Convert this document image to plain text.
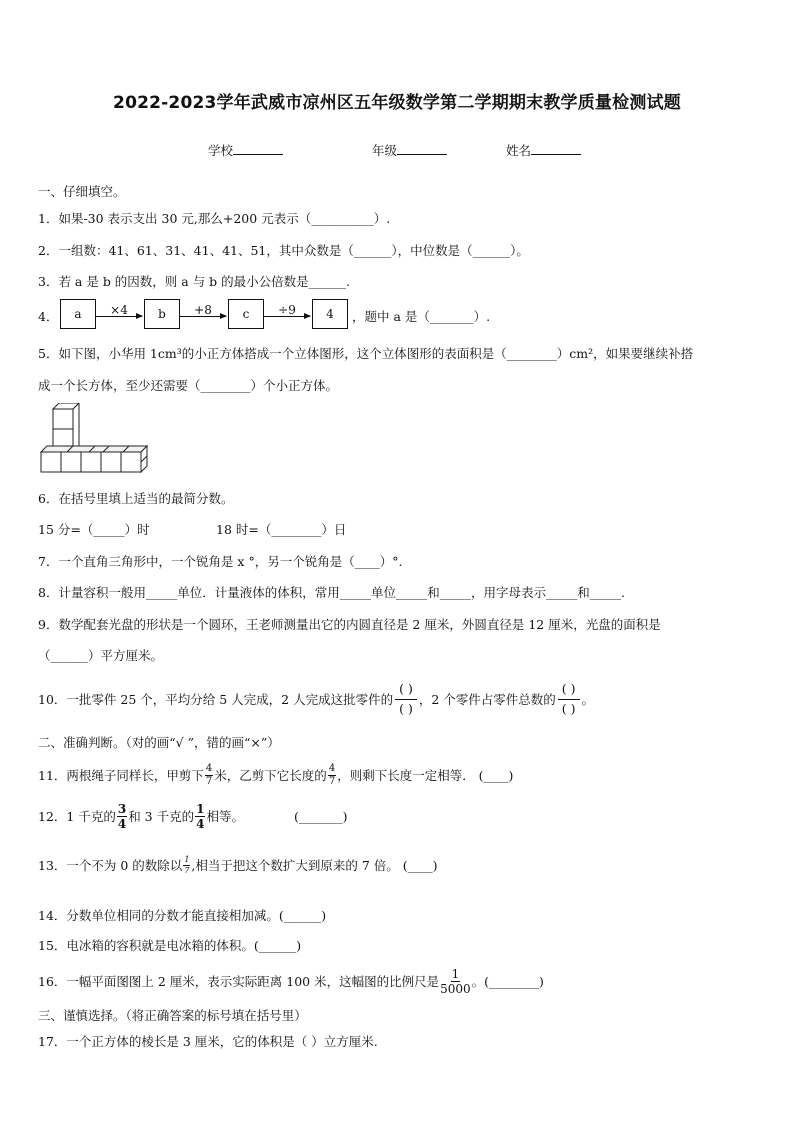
2022-2023学年武威市凉州区五年级数学第二学期期末教学质量检测试题
学校	年级	姓名
一、仔细填空。
1．如果-30 表示支出 30 元,那么+200 元表示（__________）.
2．一组数：41、61、31、41、41、51，其中众数是（______），中位数是（______）。
3．若 a 是 b 的因数，则 a 与 b 的最小公倍数是______.
4．	a	×4	b	+8	c	÷9	4	，题中 a 是（_______）.
5．如下图，小华用 1cm³的小正方体搭成一个立体图形，这个立体图形的表面积是（________）cm²，如果要继续补搭
成一个长方体，至少还需要（________）个小正方体。
6．在括号里填上适当的最简分数。
15 分=（_____）时	18 时=（________）日
7．一个直角三角形中，一个锐角是 x °，另一个锐角是（____）°.
8．计量容积一般用_____单位．计量液体的体积，常用_____单位_____和_____，用字母表示_____和_____.
9．数学配套光盘的形状是一个圆环，王老师测量出它的内圆直径是 2 厘米，外圆直径是 12 厘米，光盘的面积是
（______）平方厘米。
10．一批零件 25 个，平均分给 5 人完成，2 人完成这批零件的 $\frac{( )}{( )}$ ，2 个零件占零件总数的 $\frac{( )}{( )}$ 。
二、准确判断。（对的画“√ ”，错的画“×”）
11．两根绳子同样长，甲剪下 $\frac{4}{7}$ 米，乙剪下它长度的 $\frac{4}{7}$ ，则剩下长度一定相等． (____)
12．1 千克的 $\frac{3}{4}$ 和 3 千克的 $\frac{1}{4}$ 相等。	(_______)
13．一个不为 0 的数除以 $\frac{1}{7}$ ,相当于把这个数扩大到原来的 7 倍。 (____)
14．分数单位相同的分数才能直接相加减。(______)
15．电冰箱的容积就是电冰箱的体积。(______)
16．一幅平面图图上 2 厘米，表示实际距离 100 米，这幅图的比例尺是 $\frac{1}{5000}$ 。(________)
三、谨慎选择。（将正确答案的标号填在括号里）
17．一个正方体的棱长是 3 厘米，它的体积是（ ）立方厘米.
